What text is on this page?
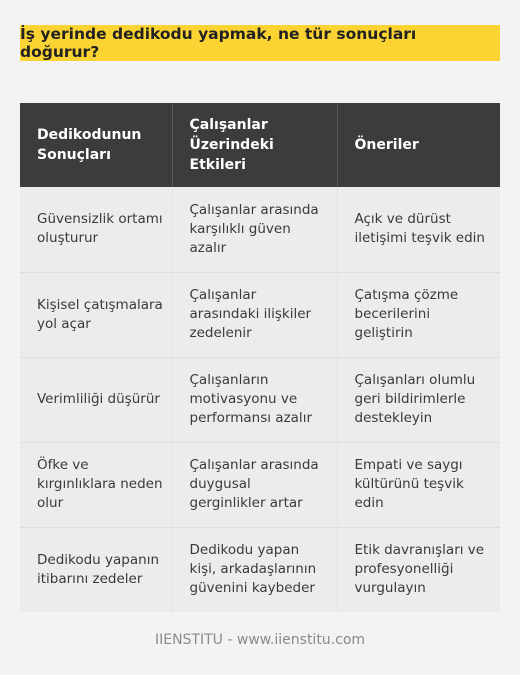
İş yerinde dedikodu yapmak, ne tür sonuçları doğurur?
Dedikodunun Sonuçları	Çalışanlar Üzerindeki Etkileri	Öneriler
Güvensizlik ortamı oluşturur	Çalışanlar arasında karşılıklı güven azalır	Açık ve dürüst iletişimi teşvik edin
Kişisel çatışmalara yol açar	Çalışanlar arasındaki ilişkiler zedelenir	Çatışma çözme becerilerini geliştirin
Verimliliği düşürür	Çalışanların motivasyonu ve performansı azalır	Çalışanları olumlu geri bildirimlerle destekleyin
Öfke ve kırgınlıklara neden olur	Çalışanlar arasında duygusal gerginlikler artar	Empati ve saygı kültürünü teşvik edin
Dedikodu yapanın itibarını zedeler	Dedikodu yapan kişi, arkadaşlarının güvenini kaybeder	Etik davranışları ve profesyonelliği vurgulayın
IIENSTITU - www.iienstitu.com
